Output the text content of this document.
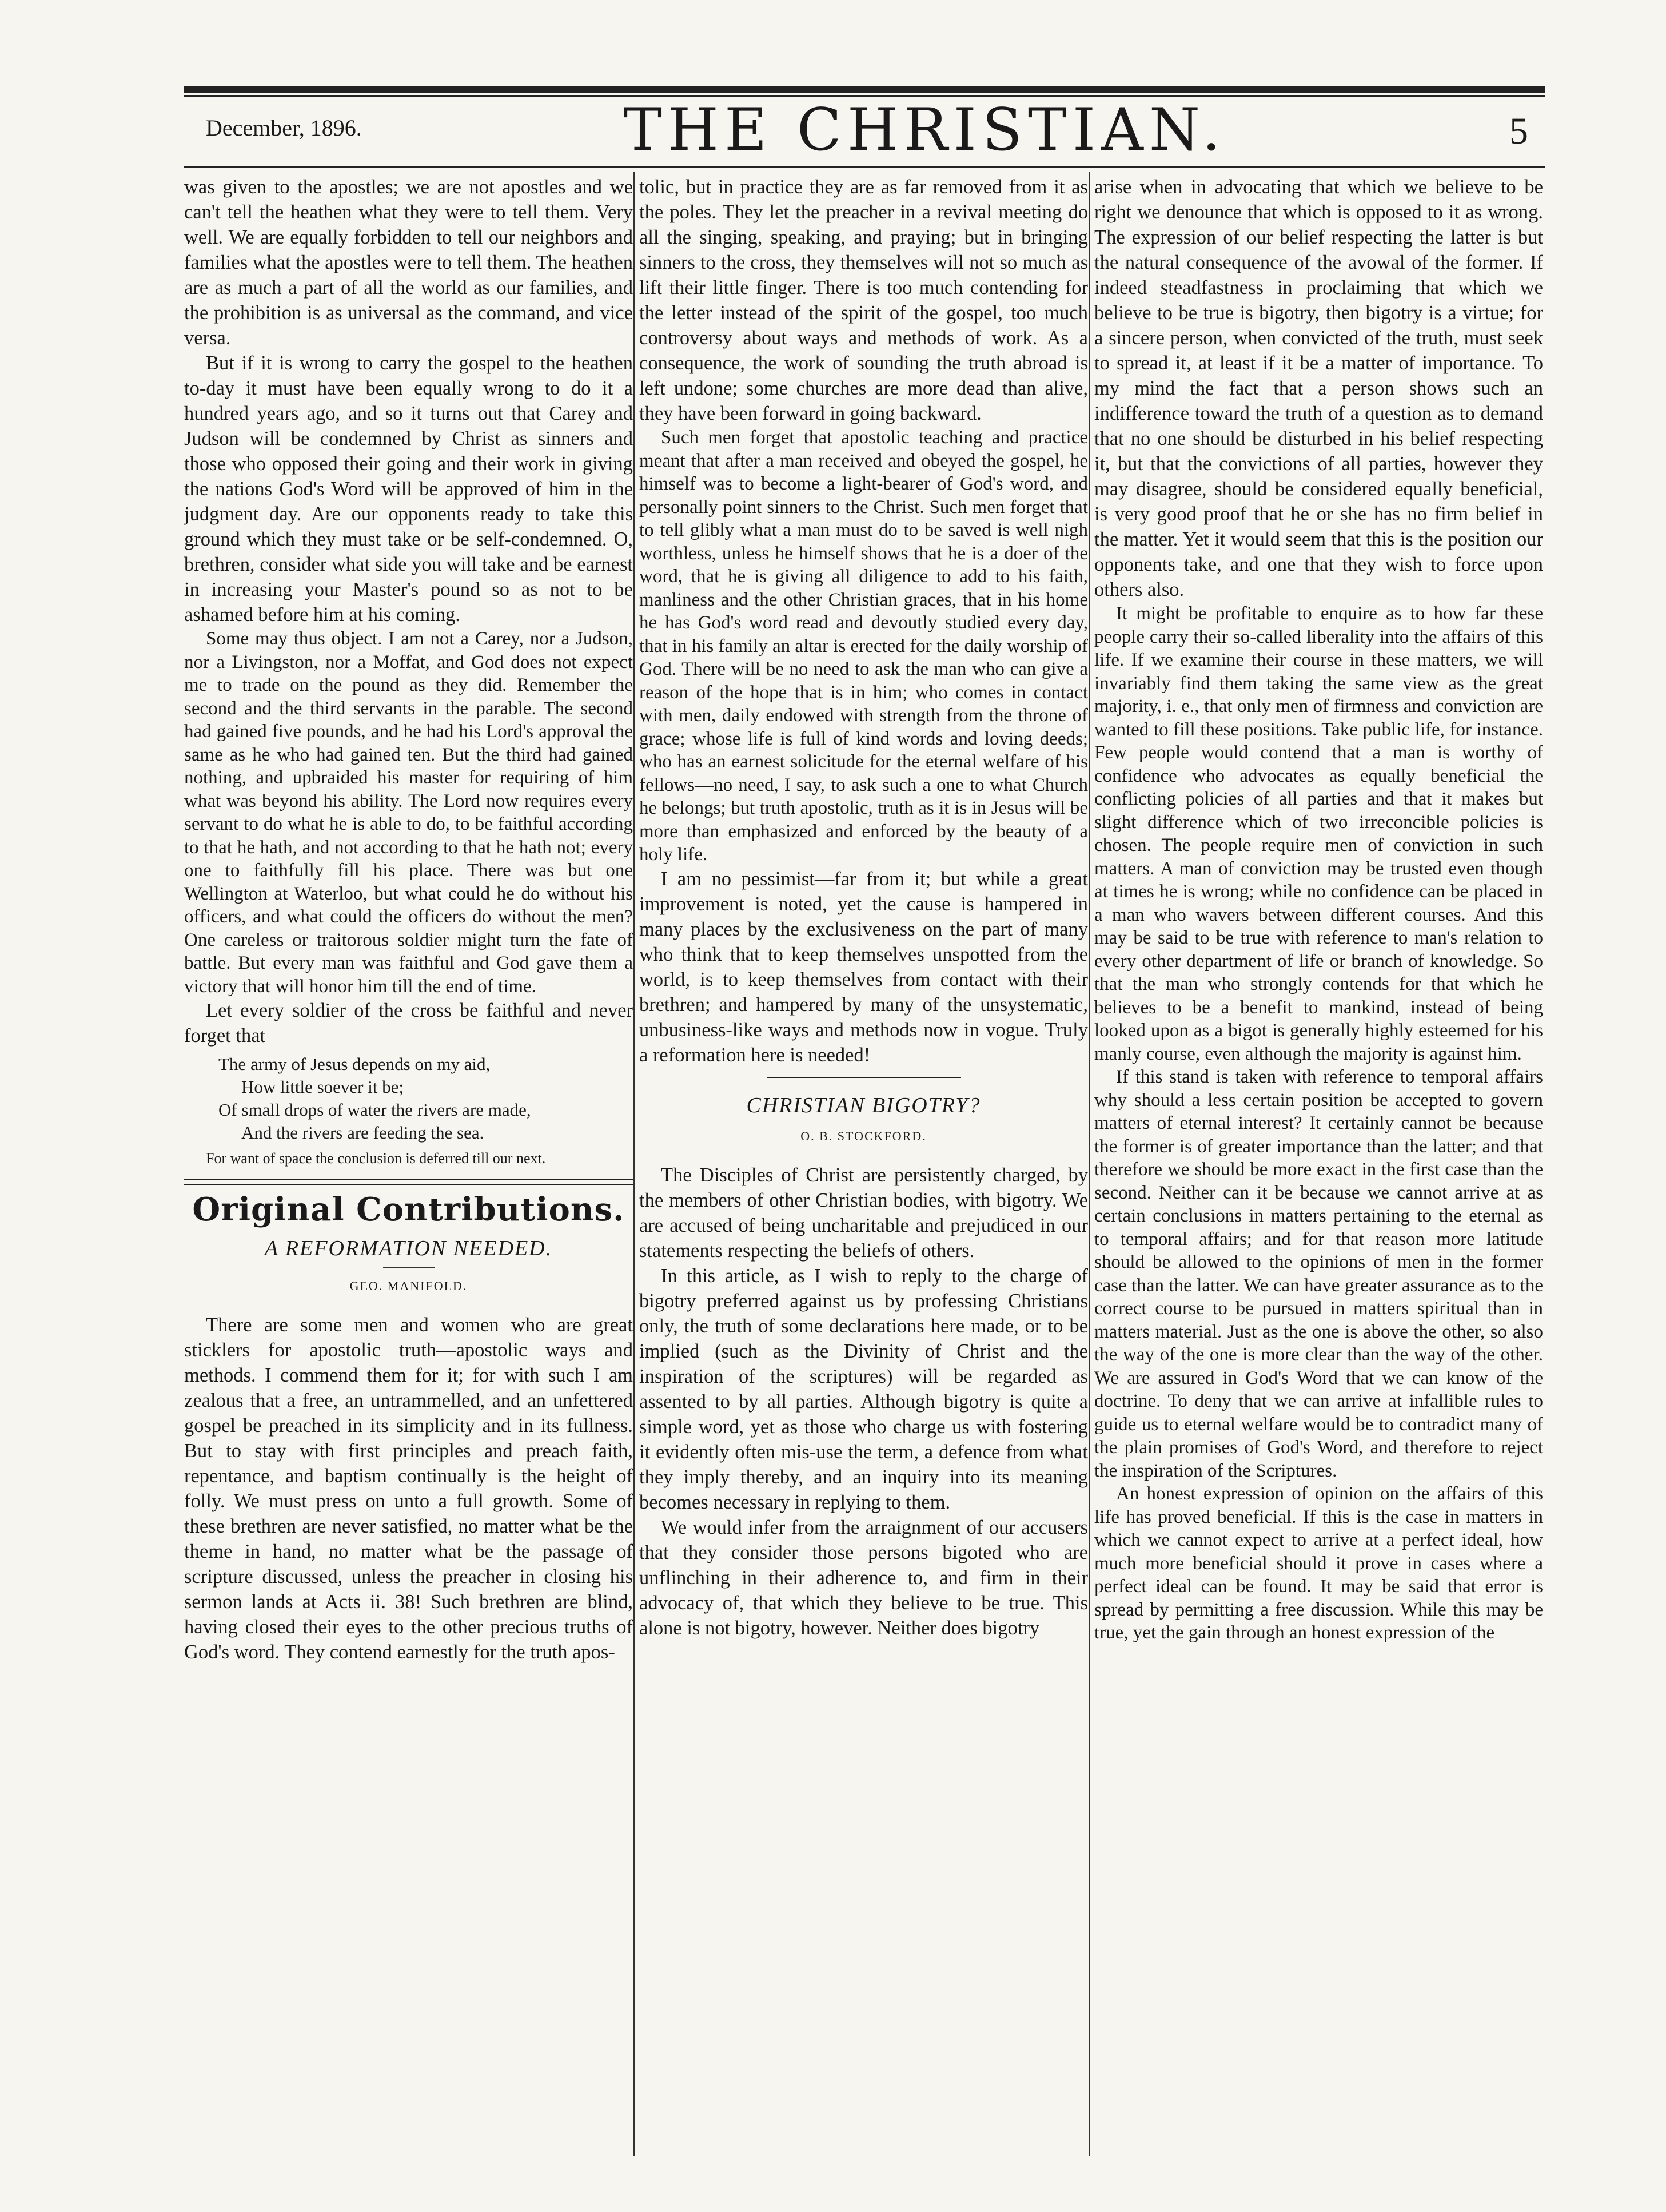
December, 1896.	THE CHRISTIAN.	5

was given to the apostles; we are not apostles and we can't tell the heathen what they were to tell them. Very well. We are equally forbidden to tell our neighbors and families what the apostles were to tell them. The heathen are as much a part of all the world as our families, and the prohibition is as universal as the command, and vice versa.

But if it is wrong to carry the gospel to the heathen to-day it must have been equally wrong to do it a hundred years ago, and so it turns out that Carey and Judson will be condemned by Christ as sinners and those who opposed their going and their work in giving the nations God's Word will be approved of him in the judgment day. Are our opponents ready to take this ground which they must take or be self-condemned. O, brethren, consider what side you will take and be earnest in increasing your Master's pound so as not to be ashamed before him at his coming.

Some may thus object. I am not a Carey, nor a Judson, nor a Livingston, nor a Moffat, and God does not expect me to trade on the pound as they did. Remember the second and the third servants in the parable. The second had gained five pounds, and he had his Lord's approval the same as he who had gained ten. But the third had gained nothing, and upbraided his master for requiring of him what was beyond his ability. The Lord now requires every servant to do what he is able to do, to be faithful according to that he hath, and not according to that he hath not; every one to faithfully fill his place. There was but one Wellington at Waterloo, but what could he do without his officers, and what could the officers do without the men? One careless or traitorous soldier might turn the fate of battle. But every man was faithful and God gave them a victory that will honor him till the end of time.

Let every soldier of the cross be faithful and never forget that

The army of Jesus depends on my aid,
How little soever it be;
Of small drops of water the rivers are made,
And the rivers are feeding the sea.

For want of space the conclusion is deferred till our next.

Original Contributions.
A REFORMATION NEEDED.
GEO. MANIFOLD.

There are some men and women who are great sticklers for apostolic truth—apostolic ways and methods. I commend them for it; for with such I am zealous that a free, an untrammelled, and an unfettered gospel be preached in its simplicity and in its fullness. But to stay with first principles and preach faith, repentance, and baptism continually is the height of folly. We must press on unto a full growth. Some of these brethren are never satisfied, no matter what be the theme in hand, no matter what be the passage of scripture discussed, unless the preacher in closing his sermon lands at Acts ii. 38! Such brethren are blind, having closed their eyes to the other precious truths of God's word. They contend earnestly for the truth apos-

tolic, but in practice they are as far removed from it as the poles. They let the preacher in a revival meeting do all the singing, speaking, and praying; but in bringing sinners to the cross, they themselves will not so much as lift their little finger. There is too much contending for the letter instead of the spirit of the gospel, too much controversy about ways and methods of work. As a consequence, the work of sounding the truth abroad is left undone; some churches are more dead than alive, they have been forward in going backward.

Such men forget that apostolic teaching and practice meant that after a man received and obeyed the gospel, he himself was to become a light-bearer of God's word, and personally point sinners to the Christ. Such men forget that to tell glibly what a man must do to be saved is well nigh worthless, unless he himself shows that he is a doer of the word, that he is giving all diligence to add to his faith, manliness and the other Christian graces, that in his home he has God's word read and devoutly studied every day, that in his family an altar is erected for the daily worship of God. There will be no need to ask the man who can give a reason of the hope that is in him; who comes in contact with men, daily endowed with strength from the throne of grace; whose life is full of kind words and loving deeds; who has an earnest solicitude for the eternal welfare of his fellows—no need, I say, to ask such a one to what Church he belongs; but truth apostolic, truth as it is in Jesus will be more than emphasized and enforced by the beauty of a holy life.

I am no pessimist—far from it; but while a great improvement is noted, yet the cause is hampered in many places by the exclusiveness on the part of many who think that to keep themselves unspotted from the world, is to keep themselves from contact with their brethren; and hampered by many of the unsystematic, unbusiness-like ways and methods now in vogue. Truly a reformation here is needed!

CHRISTIAN BIGOTRY?
O. B. STOCKFORD.

The Disciples of Christ are persistently charged, by the members of other Christian bodies, with bigotry. We are accused of being uncharitable and prejudiced in our statements respecting the beliefs of others.

In this article, as I wish to reply to the charge of bigotry preferred against us by professing Christians only, the truth of some declarations here made, or to be implied (such as the Divinity of Christ and the inspiration of the scriptures) will be regarded as assented to by all parties. Although bigotry is quite a simple word, yet as those who charge us with fostering it evidently often mis-use the term, a defence from what they imply thereby, and an inquiry into its meaning becomes necessary in replying to them.

We would infer from the arraignment of our accusers that they consider those persons bigoted who are unflinching in their adherence to, and firm in their advocacy of, that which they believe to be true. This alone is not bigotry, however. Neither does bigotry

arise when in advocating that which we believe to be right we denounce that which is opposed to it as wrong. The expression of our belief respecting the latter is but the natural consequence of the avowal of the former. If indeed steadfastness in proclaiming that which we believe to be true is bigotry, then bigotry is a virtue; for a sincere person, when convicted of the truth, must seek to spread it, at least if it be a matter of importance. To my mind the fact that a person shows such an indifference toward the truth of a question as to demand that no one should be disturbed in his belief respecting it, but that the convictions of all parties, however they may disagree, should be considered equally beneficial, is very good proof that he or she has no firm belief in the matter. Yet it would seem that this is the position our opponents take, and one that they wish to force upon others also.

It might be profitable to enquire as to how far these people carry their so-called liberality into the affairs of this life. If we examine their course in these matters, we will invariably find them taking the same view as the great majority, i. e., that only men of firmness and conviction are wanted to fill these positions. Take public life, for instance. Few people would contend that a man is worthy of confidence who advocates as equally beneficial the conflicting policies of all parties and that it makes but slight difference which of two irreconcible policies is chosen. The people require men of conviction in such matters. A man of conviction may be trusted even though at times he is wrong; while no confidence can be placed in a man who wavers between different courses. And this may be said to be true with reference to man's relation to every other department of life or branch of knowledge. So that the man who strongly contends for that which he believes to be a benefit to mankind, instead of being looked upon as a bigot is generally highly esteemed for his manly course, even although the majority is against him.

If this stand is taken with reference to temporal affairs why should a less certain position be accepted to govern matters of eternal interest? It certainly cannot be because the former is of greater importance than the latter; and that therefore we should be more exact in the first case than the second. Neither can it be because we cannot arrive at as certain conclusions in matters pertaining to the eternal as to temporal affairs; and for that reason more latitude should be allowed to the opinions of men in the former case than the latter. We can have greater assurance as to the correct course to be pursued in matters spiritual than in matters material. Just as the one is above the other, so also the way of the one is more clear than the way of the other. We are assured in God's Word that we can know of the doctrine. To deny that we can arrive at infallible rules to guide us to eternal welfare would be to contradict many of the plain promises of God's Word, and therefore to reject the inspiration of the Scriptures.

An honest expression of opinion on the affairs of this life has proved beneficial. If this is the case in matters in which we cannot expect to arrive at a perfect ideal, how much more beneficial should it prove in cases where a perfect ideal can be found. It may be said that error is spread by permitting a free discussion. While this may be true, yet the gain through an honest expression of the
